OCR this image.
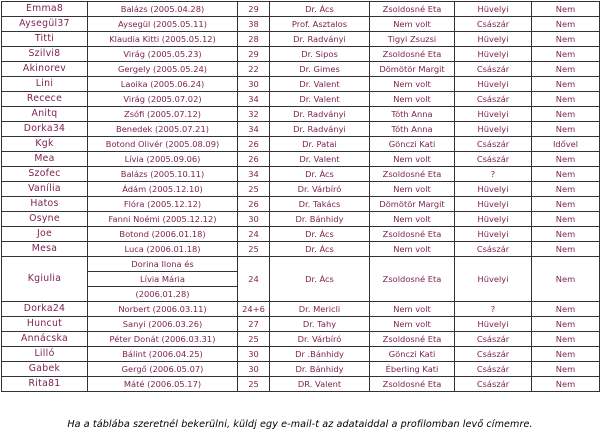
Emma8	Balázs (2005.04.28)	29	Dr. Ács	Zsoldosné Eta	Hüvelyi	Nem
Aysegül37	Aysegül (2005.05.11)	38	Prof. Asztalos	Nem volt	Császár	Nem
Titti	Klaudia Kitti (2005.05.12)	28	Dr. Radványi	Tigyi Zsuzsi	Hüvelyi	Nem
Szilvi8	Virág (2005.05.23)	29	Dr. Sipos	Zsoldosné Eta	Hüvelyi	Nem
Akinorev	Gergely (2005.05.24)	22	Dr. Gimes	Dömötör Margit	Császár	Nem
Lini	Laoika (2005.06.24)	30	Dr. Valent	Nem volt	Hüvelyi	Nem
Recece	Virág (2005.07.02)	34	Dr. Valent	Nem volt	Császár	Nem
Anitq	Zsófi (2005.07.12)	32	Dr. Radványi	Tóth Anna	Hüvelyi	Nem
Dorka34	Benedek (2005.07.21)	34	Dr. Radványi	Tóth Anna	Hüvelyi	Nem
Kgk	Botond Olivér (2005.08.09)	26	Dr. Patai	Gönczi Kati	Császár	Idővel
Mea	Lívia (2005.09.06)	26	Dr. Valent	Nem volt	Császár	Nem
Szofec	Balázs (2005.10.11)	34	Dr. Ács	Zsoldosné Eta	?	Nem
Vanília	Ádám (2005.12.10)	25	Dr. Várbíró	Nem volt	Hüvelyi	Nem
Hatos	Flóra (2005.12.12)	26	Dr. Takács	Dömötör Margit	Hüvelyi	Nem
Osyne	Fanni Noémi (2005.12.12)	30	Dr. Bánhidy	Nem volt	Hüvelyi	Nem
Joe	Botond (2006.01.18)	24	Dr. Ács	Zsoldosné Eta	Hüvelyi	Nem
Mesa	Luca (2006.01.18)	25	Dr. Ács	Nem volt	Császár	Nem
Kgiulia	Dorina Ilona és	24	Dr. Ács	Zsoldosné Eta	Hüvelyi	Nem
	Lívia Mária					
	(2006.01.28)					
Dorka24	Norbert (2006.03.11)	24+6	Dr. Mericli	Nem volt	?	Nem
Huncut	Sanyi (2006.03.26)	27	Dr. Tahy	Nem volt	Hüvelyi	Nem
Annácska	Péter Donát (2006.03.31)	25	Dr. Várbíró	Zsoldosné Eta	Császár	Nem
Lilló	Bálint (2006.04.25)	30	Dr .Bánhidy	Gönczi Kati	Császár	Nem
Gabek	Gergő (2006.05.07)	30	Dr. Bánhidy	Éberling Kati	Császár	Nem
Rita81	Máté (2006.05.17)	25	DR. Valent	Zsoldosné Eta	Császár	Nem
Ha a táblába szeretnél bekerülni, küldj egy e-mail-t az adataiddal a profilomban levő címemre.
